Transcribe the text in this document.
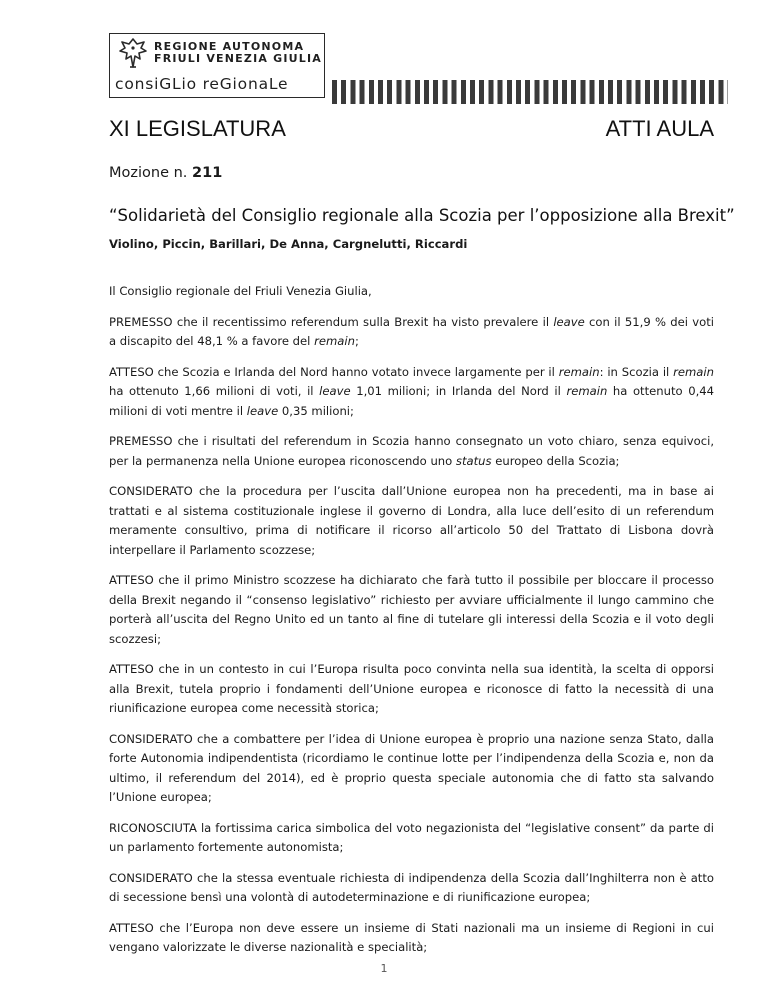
REGIONE AUTONOMA
FRIULI VENEZIA GIULIA
consiGLio reGionaLe
XI LEGISLATURA	ATTI AULA
Mozione n. 211
“Solidarietà del Consiglio regionale alla Scozia per l’opposizione alla Brexit”
Violino, Piccin, Barillari, De Anna, Cargnelutti, Riccardi

Il Consiglio regionale del Friuli Venezia Giulia,

PREMESSO che il recentissimo referendum sulla Brexit ha visto prevalere il leave con il 51,9 % dei voti a discapito del 48,1 % a favore del remain;

ATTESO che Scozia e Irlanda del Nord hanno votato invece largamente per il remain: in Scozia il remain ha ottenuto 1,66 milioni di voti, il leave 1,01 milioni; in Irlanda del Nord il remain ha ottenuto 0,44 milioni di voti mentre il leave 0,35 milioni;

PREMESSO che i risultati del referendum in Scozia hanno consegnato un voto chiaro, senza equivoci, per la permanenza nella Unione europea riconoscendo uno status europeo della Scozia;

CONSIDERATO che la procedura per l’uscita dall’Unione europea non ha precedenti, ma in base ai trattati e al sistema costituzionale inglese il governo di Londra, alla luce dell’esito di un referendum meramente consultivo, prima di notificare il ricorso all’articolo 50 del Trattato di Lisbona dovrà interpellare il Parlamento scozzese;

ATTESO che il primo Ministro scozzese ha dichiarato che farà tutto il possibile per bloccare il processo della Brexit negando il “consenso legislativo” richiesto per avviare ufficialmente il lungo cammino che porterà all’uscita del Regno Unito ed un tanto al fine di tutelare gli interessi della Scozia e il voto degli scozzesi;

ATTESO che in un contesto in cui l’Europa risulta poco convinta nella sua identità, la scelta di opporsi alla Brexit, tutela proprio i fondamenti dell’Unione europea e riconosce di fatto la necessità di una riunificazione europea come necessità storica;

CONSIDERATO che a combattere per l’idea di Unione europea è proprio una nazione senza Stato, dalla forte Autonomia indipendentista (ricordiamo le continue lotte per l’indipendenza della Scozia e, non da ultimo, il referendum del 2014), ed è proprio questa speciale autonomia che di fatto sta salvando l’Unione europea;

RICONOSCIUTA la fortissima carica simbolica del voto negazionista del “legislative consent” da parte di un parlamento fortemente autonomista;

CONSIDERATO che la stessa eventuale richiesta di indipendenza della Scozia dall’Inghilterra non è atto di secessione bensì una volontà di autodeterminazione e di riunificazione europea;

ATTESO che l’Europa non deve essere un insieme di Stati nazionali ma un insieme di Regioni in cui vengano valorizzate le diverse nazionalità e specialità;

1
